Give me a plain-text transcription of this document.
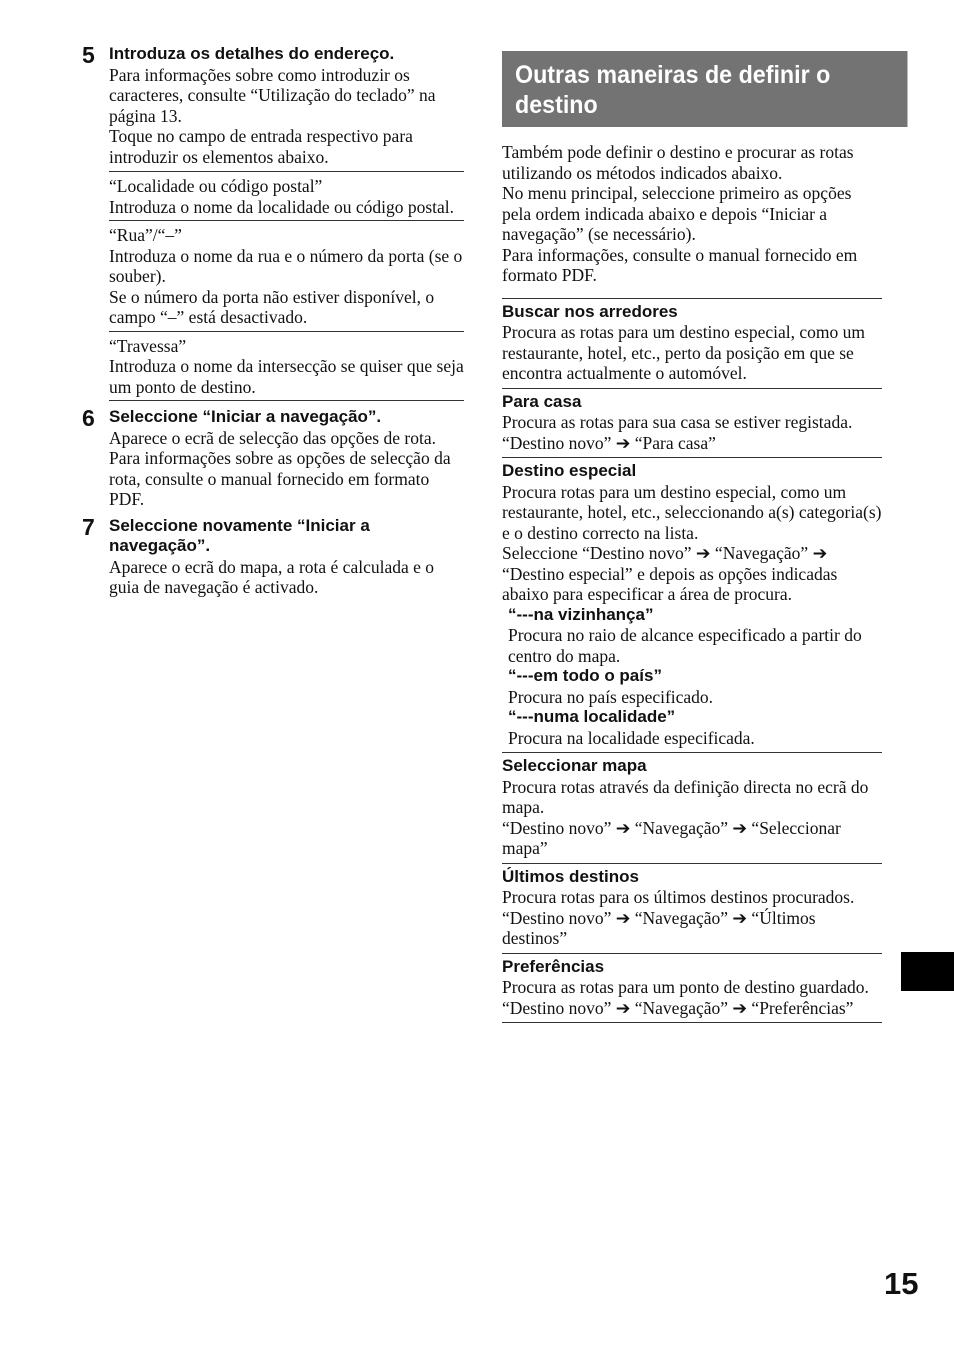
5 Introduza os detalhes do endereço.

Para informações sobre como introduzir os caracteres, consulte “Utilização do teclado” na página 13.

Toque no campo de entrada respectivo para introduzir os elementos abaixo.

“Localidade ou código postal”
Introduza o nome da localidade ou código postal.
“Rua”/“–”
Introduza o nome da rua e o número da porta (se o souber).
Se o número da porta não estiver disponível, o campo “–” está desactivado.
“Travessa”
Introduza o nome da intersecção se quiser que seja um ponto de destino.
6 Seleccione “Iniciar a navegação”.

Aparece o ecrã de selecção das opções de rota.

Para informações sobre as opções de selecção da rota, consulte o manual fornecido em formato PDF.

7 Seleccione novamente “Iniciar a navegação”.

Aparece o ecrã do mapa, a rota é calculada e o guia de navegação é activado.

Outras maneiras de definir o destino

Também pode definir o destino e procurar as rotas utilizando os métodos indicados abaixo.

No menu principal, seleccione primeiro as opções pela ordem indicada abaixo e depois “Iniciar a navegação” (se necessário).

Para informações, consulte o manual fornecido em formato PDF.

Buscar nos arredores

Procura as rotas para um destino especial, como um restaurante, hotel, etc., perto da posição em que se encontra actualmente o automóvel.

Para casa

Procura as rotas para sua casa se estiver registada.

“Destino novo” ➔ “Para casa”

Destino especial

Procura rotas para um destino especial, como um restaurante, hotel, etc., seleccionando a(s) categoria(s) e o destino correcto na lista.

Seleccione “Destino novo” ➔ “Navegação” ➔ “Destino especial” e depois as opções indicadas abaixo para especificar a área de procura.

“---na vizinhança”

Procura no raio de alcance especificado a partir do centro do mapa.

“---em todo o país”

Procura no país especificado.

“---numa localidade”

Procura na localidade especificada.

Seleccionar mapa

Procura rotas através da definição directa no ecrã do mapa.

“Destino novo” ➔ “Navegação” ➔ “Seleccionar mapa”

Últimos destinos

Procura rotas para os últimos destinos procurados.

“Destino novo” ➔ “Navegação” ➔ “Últimos destinos”

Preferências

Procura as rotas para um ponto de destino guardado.

“Destino novo” ➔ “Navegação” ➔ “Preferências”

15
